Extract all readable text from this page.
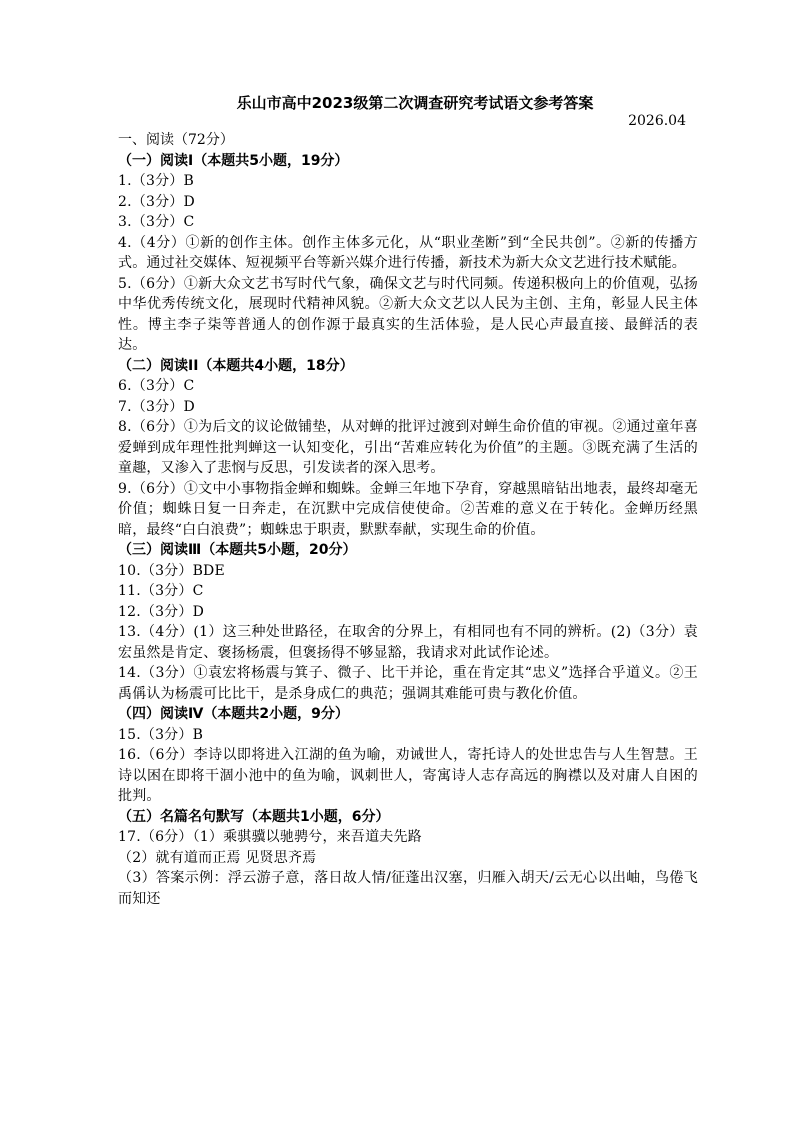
乐山市高中2023级第二次调查研究考试语文参考答案
2026.04
一、阅读（72分）
（一）阅读Ⅰ（本题共5小题，19分）
1.（3分）B
2.（3分）D
3.（3分）C
4.（4分）①新的创作主体。创作主体多元化，从“职业垄断”到“全民共创”。②新的传播方式。通过社交媒体、短视频平台等新兴媒介进行传播，新技术为新大众文艺进行技术赋能。
5.（6分）①新大众文艺书写时代气象，确保文艺与时代同频。传递积极向上的价值观，弘扬中华优秀传统文化，展现时代精神风貌。②新大众文艺以人民为主创、主角，彰显人民主体性。博主李子柒等普通人的创作源于最真实的生活体验，是人民心声最直接、最鲜活的表达。
（二）阅读II（本题共4小题，18分）
6.（3分）C
7.（3分）D
8.（6分）①为后文的议论做铺垫，从对蝉的批评过渡到对蝉生命价值的审视。②通过童年喜爱蝉到成年理性批判蝉这一认知变化，引出“苦难应转化为价值”的主题。③既充满了生活的童趣，又渗入了悲悯与反思，引发读者的深入思考。
9.（6分）①文中小事物指金蝉和蜘蛛。金蝉三年地下孕育，穿越黑暗钻出地表，最终却毫无价值；蜘蛛日复一日奔走，在沉默中完成信使使命。②苦难的意义在于转化。金蝉历经黑暗，最终“白白浪费”；蜘蛛忠于职责，默默奉献，实现生命的价值。
（三）阅读Ⅲ（本题共5小题，20分）
10.（3分）BDE
11.（3分）C
12.（3分）D
13.（4分）(1）这三种处世路径，在取舍的分界上，有相同也有不同的辨析。(2)（3分）袁宏虽然是肯定、褒扬杨震，但褒扬得不够显豁，我请求对此试作论述。
14.（3分）①袁宏将杨震与箕子、微子、比干并论，重在肯定其“忠义”选择合乎道义。②王禹偁认为杨震可比比干，是杀身成仁的典范；强调其难能可贵与教化价值。
（四）阅读Ⅳ（本题共2小题，9分）
15.（3分）B
16.（6分）李诗以即将进入江湖的鱼为喻，劝诫世人，寄托诗人的处世忠告与人生智慧。王诗以困在即将干涸小池中的鱼为喻，讽刺世人，寄寓诗人志存高远的胸襟以及对庸人自困的批判。
（五）名篇名句默写（本题共1小题，6分）
17.（6分）（1）乘骐骥以驰骋兮，来吾道夫先路
（2）就有道而正焉 见贤思齐焉
（3）答案示例：浮云游子意，落日故人情/征蓬出汉塞，归雁入胡天/云无心以出岫，鸟倦飞而知还
